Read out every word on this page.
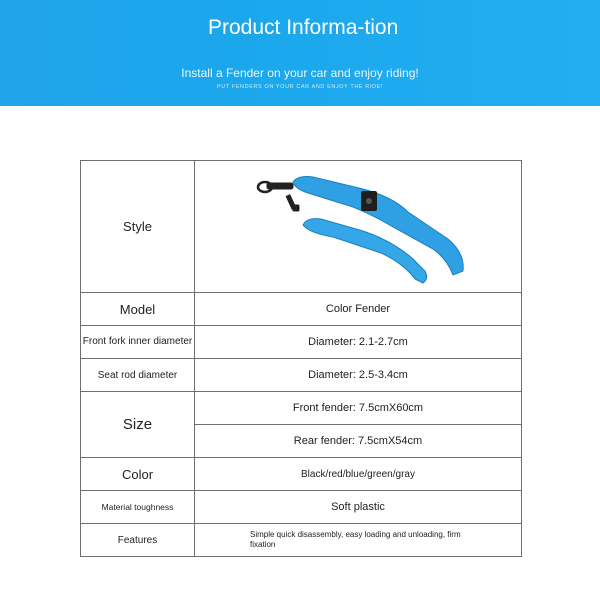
Product Informa-tion
Install a Fender on your car and enjoy riding!
PUT FENDERS ON YOUR CAR AND ENJOY THE RIDE!
Style	

Model	Color Fender
Front fork inner diameter	Diameter: 2.1-2.7cm
Seat rod diameter	Diameter: 2.5-3.4cm
Size	Front fender: 7.5cmX60cm
	Rear fender: 7.5cmX54cm
Color	Black/red/blue/green/gray
Material toughness	Soft plastic
Features	Simple quick disassembly, easy loading and unloading, firm fixation
